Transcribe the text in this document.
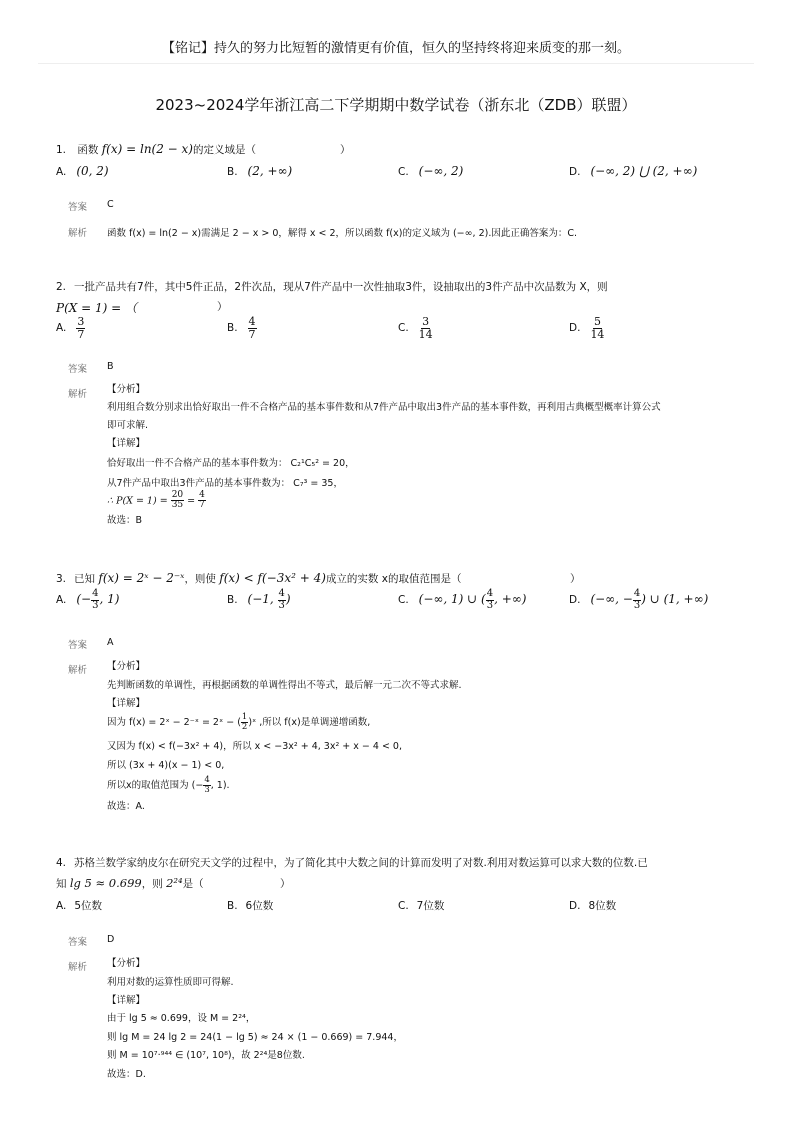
【铭记】持久的努力比短暂的激情更有价值，恒久的坚持终将迎来质变的那一刻。
2023~2024学年浙江高二下学期期中数学试卷（浙东北（ZDB）联盟）
1. 函数 f(x) = ln(2 − x)的定义域是（	）
A. (0, 2)	B. (2, +∞)	C. (−∞, 2)	D. (−∞, 2) ⋃ (2, +∞)
答案 C
解析 函数 f(x) = ln(2 − x)需满足 2 − x > 0，解得 x < 2，所以函数 f(x)的定义域为 (−∞, 2).因此正确答案为：C.
2. 一批产品共有7件，其中5件正品，2件次品，现从7件产品中一次性抽取3件，设抽取出的3件产品中次品数为 X，则
P(X = 1) = （	）
A. $\frac{3}{7}$	B. $\frac{4}{7}$	C. $\frac{3}{14}$	D. $\frac{5}{14}$
答案 B
解析 【分析】
利用组合数分别求出恰好取出一件不合格产品的基本事件数和从7件产品中取出3件产品的基本事件数，再利用古典概型概率计算公式
即可求解.
【详解】
恰好取出一件不合格产品的基本事件数为： C₂¹C₅² = 20，
从7件产品中取出3件产品的基本事件数为： C₇³ = 35，
∴ $P(X = 1) = \frac{20}{35} = \frac{4}{7}$
故选：B
3. 已知 f(x) = 2ˣ − 2⁻ˣ，则使 f(x) < f(−3x² + 4)成立的实数 x的取值范围是（	）
A. (− $\frac{4}{3}$ , 1)	B. (−1, $\frac{4}{3}$ )	C. (−∞, 1) ∪ ( $\frac{4}{3}$ , +∞)	D. (−∞, − $\frac{4}{3}$ ) ∪ (1, +∞)
答案 A
解析 【分析】
先判断函数的单调性，再根据函数的单调性得出不等式，最后解一元二次不等式求解.
【详解】
因为 f(x) = 2ˣ − 2⁻ˣ = 2ˣ − ( $\frac{1}{2}$ )ˣ ,所以 f(x)是单调递增函数,
又因为 f(x) < f(−3x² + 4)，所以 x < −3x² + 4, 3x² + x − 4 < 0,
所以 (3x + 4)(x − 1) < 0,
所以x的取值范围为 (− $\frac{4}{3}$ , 1).
故选：A.
4. 苏格兰数学家纳皮尔在研究天文学的过程中，为了简化其中大数之间的计算而发明了对数.利用对数运算可以求大数的位数.已
知 lg 5 ≈ 0.699，则 2²⁴是（	）
A. 5位数	B. 6位数	C. 7位数	D. 8位数
答案 D
解析 【分析】
利用对数的运算性质即可得解.
【详解】
由于 lg 5 ≈ 0.699，设 M = 2²⁴，
则 lg M = 24 lg 2 = 24(1 − lg 5) ≈ 24 × (1 − 0.669) = 7.944，
则 M = 10⁷·⁹⁴⁴ ∈ (10⁷, 10⁸)，故 2²⁴是8位数.
故选：D.
